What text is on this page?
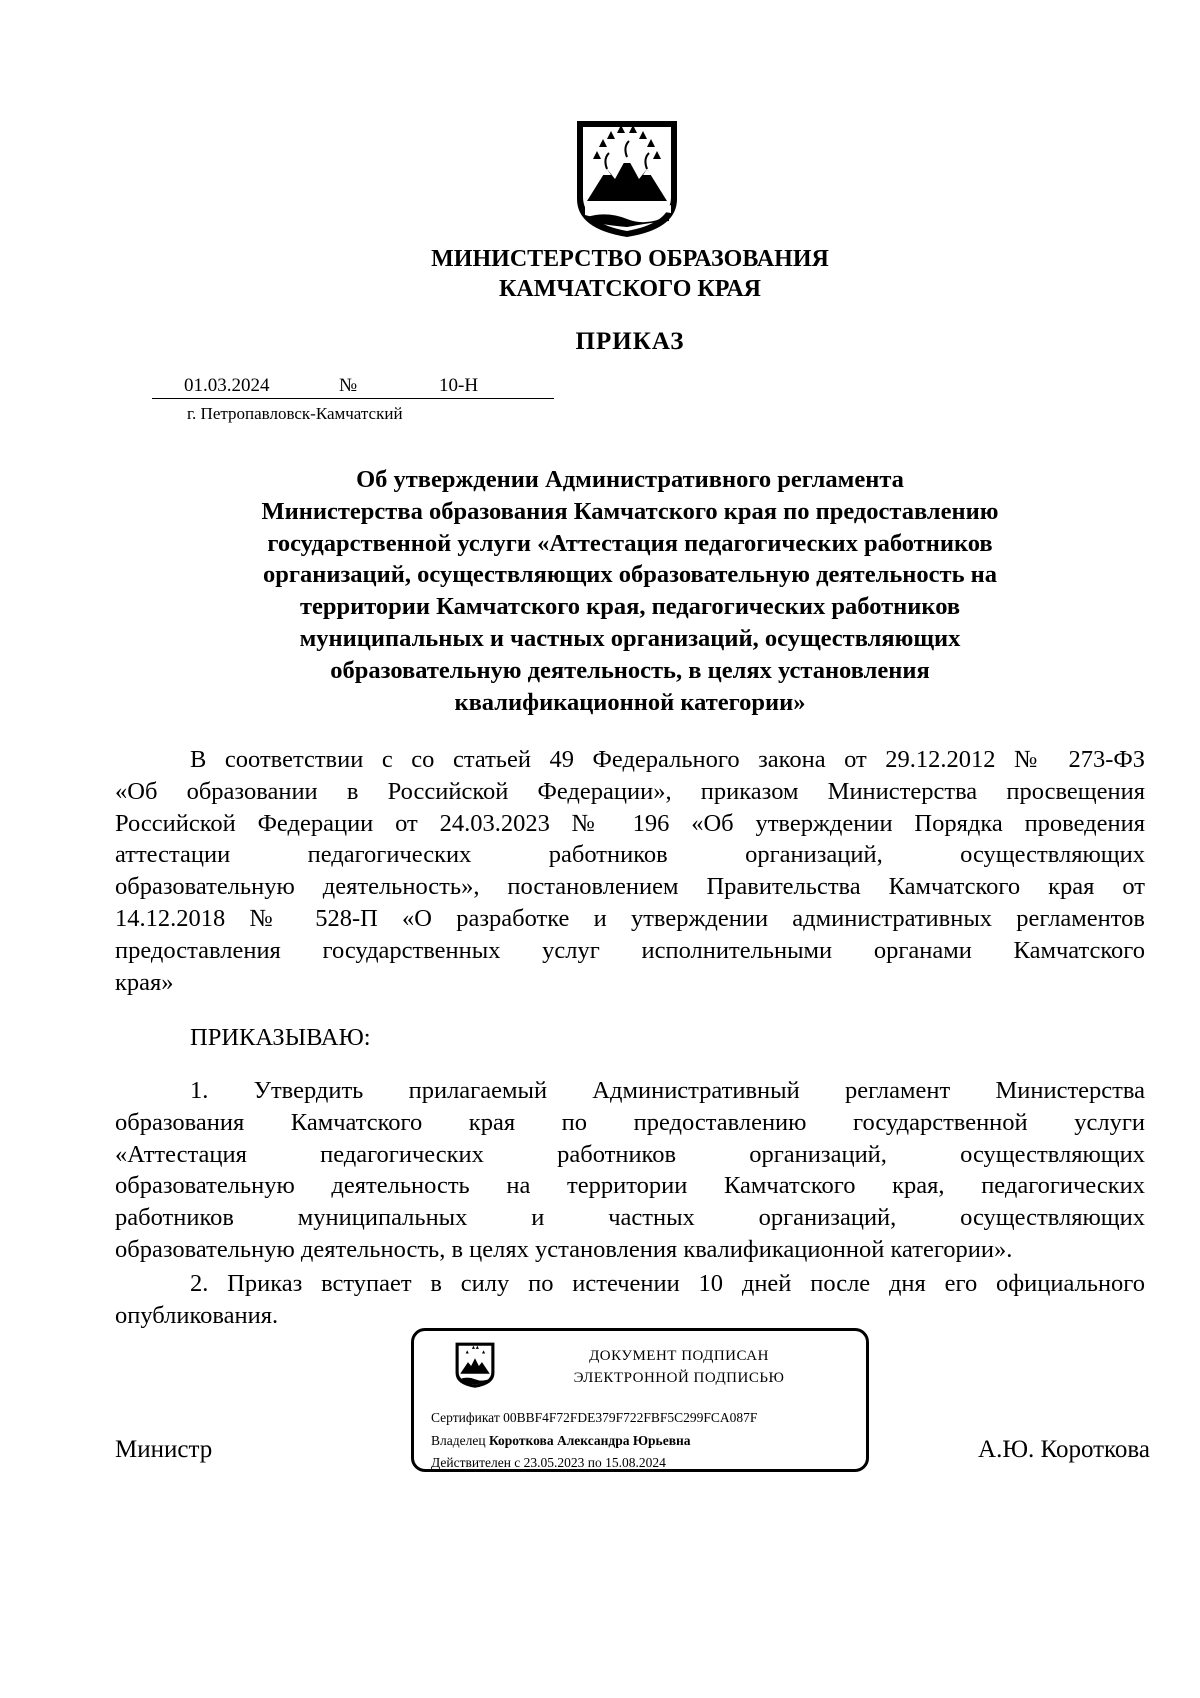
МИНИСТЕРСТВО ОБРАЗОВАНИЯ
КАМЧАТСКОГО КРАЯ
ПРИКАЗ
01.03.2024	№	10-Н
г. Петропавловск-Камчатский
Об утверждении Административного регламента
Министерства образования Камчатского края по предоставлению
государственной услуги «Аттестация педагогических работников
организаций, осуществляющих образовательную деятельность на
территории Камчатского края, педагогических работников
муниципальных и частных организаций, осуществляющих
образовательную деятельность, в целях установления
квалификационной категории»
В соответствии с со статьей 49 Федерального закона от 29.12.2012 № 273-ФЗ
«Об образовании в Российской Федерации», приказом Министерства просвещения
Российской Федерации от 24.03.2023 № 196 «Об утверждении Порядка проведения
аттестации педагогических работников организаций, осуществляющих
образовательную деятельность», постановлением Правительства Камчатского края от
14.12.2018 № 528-П «О разработке и утверждении административных регламентов
предоставления государственных услуг исполнительными органами Камчатского
края»
ПРИКАЗЫВАЮ:
1. Утвердить прилагаемый Административный регламент Министерства
образования Камчатского края по предоставлению государственной услуги
«Аттестация педагогических работников организаций, осуществляющих
образовательную деятельность на территории Камчатского края, педагогических
работников муниципальных и частных организаций, осуществляющих
образовательную деятельность, в целях установления квалификационной категории».
2. Приказ вступает в силу по истечении 10 дней после дня его официального
опубликования.
Министр	А.Ю. Короткова
ДОКУМЕНТ ПОДПИСАН
ЭЛЕКТРОННОЙ ПОДПИСЬЮ
Сертификат 00BBF4F72FDE379F722FBF5C299FCA087F
Владелец Короткова Александра Юрьевна
Действителен с 23.05.2023 по 15.08.2024
